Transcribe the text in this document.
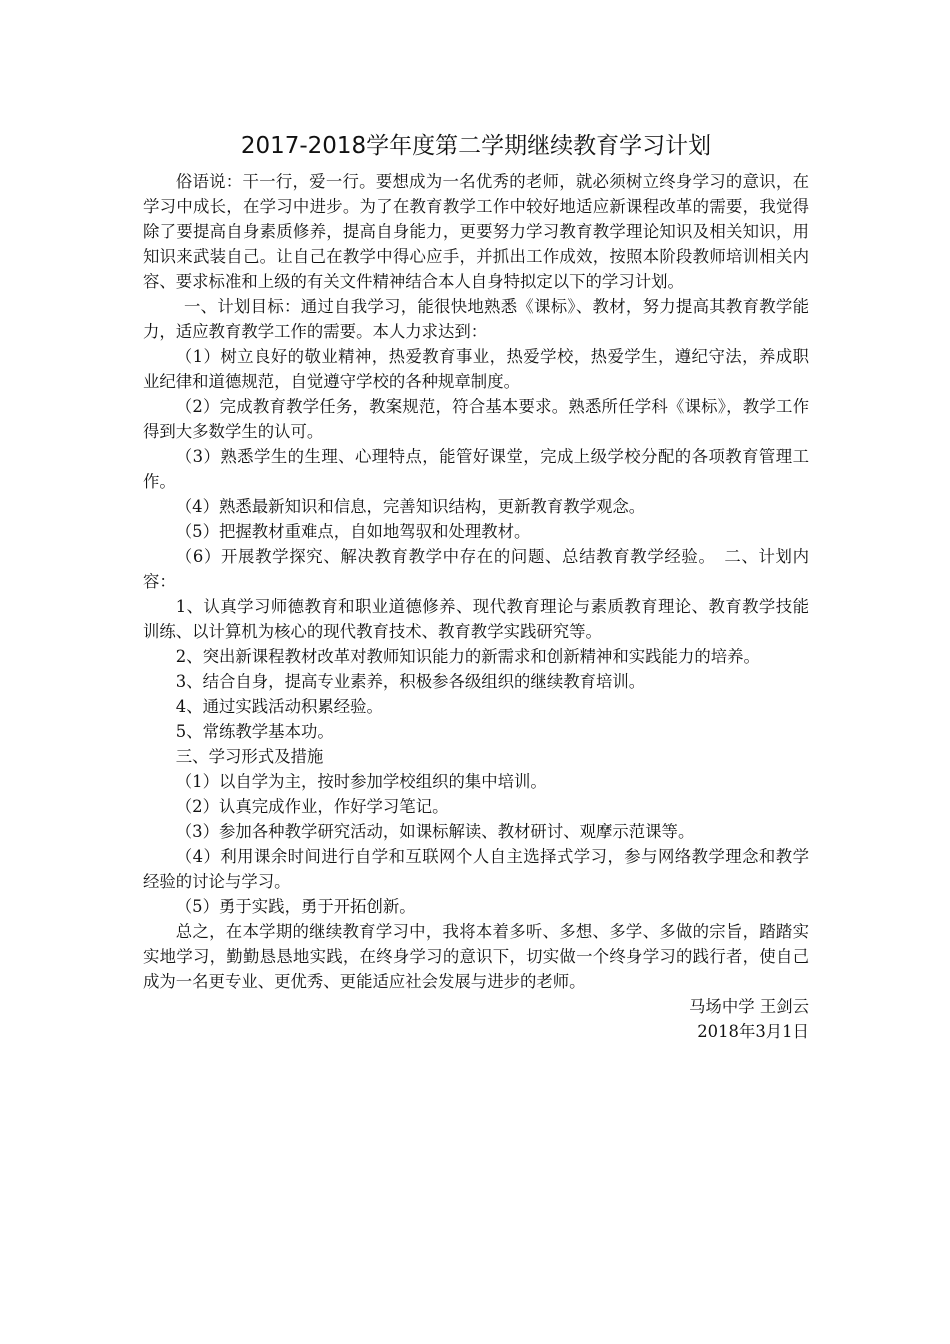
2017-2018学年度第二学期继续教育学习计划

俗语说：干一行，爱一行。要想成为一名优秀的老师，就必须树立终身学习的意识，在学习中成长，在学习中进步。为了在教育教学工作中较好地适应新课程改革的需要，我觉得除了要提高自身素质修养，提高自身能力，更要努力学习教育教学理论知识及相关知识，用知识来武装自己。让自己在教学中得心应手，并抓出工作成效，按照本阶段教师培训相关内容、要求标准和上级的有关文件精神结合本人自身特拟定以下的学习计划。

一、计划目标：通过自我学习，能很快地熟悉《课标》、教材，努力提高其教育教学能力，适应教育教学工作的需要。本人力求达到：

（1）树立良好的敬业精神，热爱教育事业，热爱学校，热爱学生，遵纪守法，养成职业纪律和道德规范，自觉遵守学校的各种规章制度。

（2）完成教育教学任务，教案规范，符合基本要求。熟悉所任学科《课标》，教学工作得到大多数学生的认可。

（3）熟悉学生的生理、心理特点，能管好课堂，完成上级学校分配的各项教育管理工作。

（4）熟悉最新知识和信息，完善知识结构，更新教育教学观念。

（5）把握教材重难点，自如地驾驭和处理教材。

（6）开展教学探究、解决教育教学中存在的问题、总结教育教学经验。　二、计划内容：

1、认真学习师德教育和职业道德修养、现代教育理论与素质教育理论、教育教学技能训练、以计算机为核心的现代教育技术、教育教学实践研究等。

2、突出新课程教材改革对教师知识能力的新需求和创新精神和实践能力的培养。

3、结合自身，提高专业素养，积极参各级组织的继续教育培训。

4、通过实践活动积累经验。

5、常练教学基本功。

三、学习形式及措施

（1）以自学为主，按时参加学校组织的集中培训。

（2）认真完成作业，作好学习笔记。

（3）参加各种教学研究活动，如课标解读、教材研讨、观摩示范课等。

（4）利用课余时间进行自学和互联网个人自主选择式学习，参与网络教学理念和教学经验的讨论与学习。

（5）勇于实践，勇于开拓创新。

总之，在本学期的继续教育学习中，我将本着多听、多想、多学、多做的宗旨，踏踏实实地学习，勤勤恳恳地实践，在终身学习的意识下，切实做一个终身学习的践行者，使自己成为一名更专业、更优秀、更能适应社会发展与进步的老师。

马场中学 王剑云

2018年3月1日
